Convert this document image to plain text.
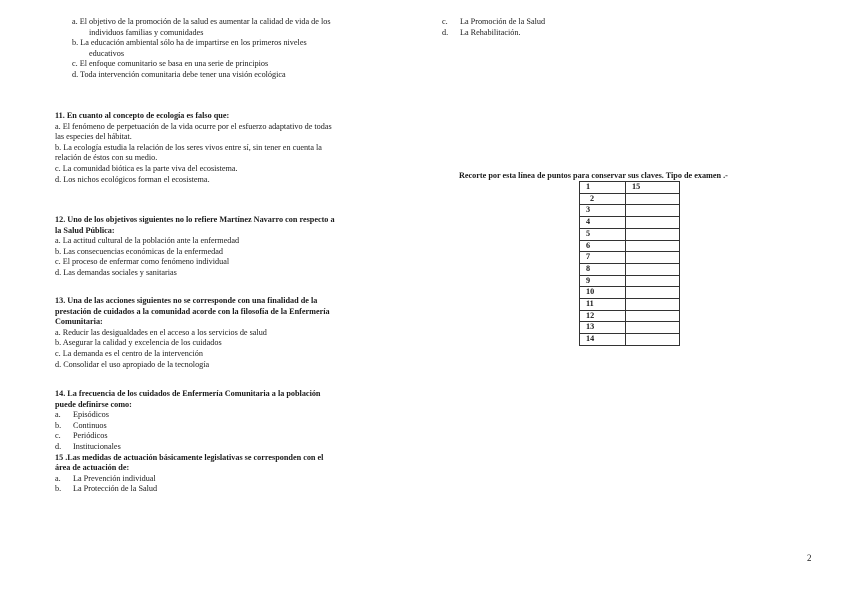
a. El objetivo de la promoción de la salud es aumentar la calidad de vida de los
individuos familias y comunidades
b. La educación ambiental sólo ha de impartirse en los primeros niveles
educativos
c. El enfoque comunitario se basa en una serie de principios
d. Toda intervención comunitaria debe tener una visión ecológica
c.	La Promoción de la Salud
d.	La Rehabilitación.
11. En cuanto al concepto de ecología es falso que:
a. El fenómeno de perpetuación de la vida ocurre por el esfuerzo adaptativo de todas
las especies del hábitat.
b. La ecología estudia la relación de los seres vivos entre sí, sin tener en cuenta la
relación de éstos con su medio.
c. La comunidad biótica es la parte viva del ecosistema.
d. Los nichos ecológicos forman el ecosistema.
12. Uno de los objetivos siguientes no lo refiere Martínez Navarro con respecto a
la Salud Pública:
a. La actitud cultural de la población ante la enfermedad
b. Las consecuencias económicas de la enfermedad
c. El proceso de enfermar como fenómeno individual
d. Las demandas sociales y sanitarias
13. Una de las acciones siguientes no se corresponde con una finalidad de la
prestación de cuidados a la comunidad acorde con la filosofía de la Enfermería
Comunitaria:
a. Reducir las desigualdades en el acceso a los servicios de salud
b. Asegurar la calidad y excelencia de los cuidados
c. La demanda es el centro de la intervención
d. Consolidar el uso apropiado de la tecnología
14. La frecuencia de los cuidados de Enfermería Comunitaria a la población
puede definirse como:
a.	Episódicos
b.	Continuos
c.	Periódicos
d.	Institucionales
15 .Las medidas de actuación básicamente legislativas se corresponden con el
área de actuación de:
a.	La Prevención individual
b.	La Protección de la Salud
Recorte por esta línea de puntos para conservar sus claves. Tipo de examen .-
1	15
2	
3	
4	
5	
6	
7	
8	
9	
10	
11	
12	
13	
14	
2
